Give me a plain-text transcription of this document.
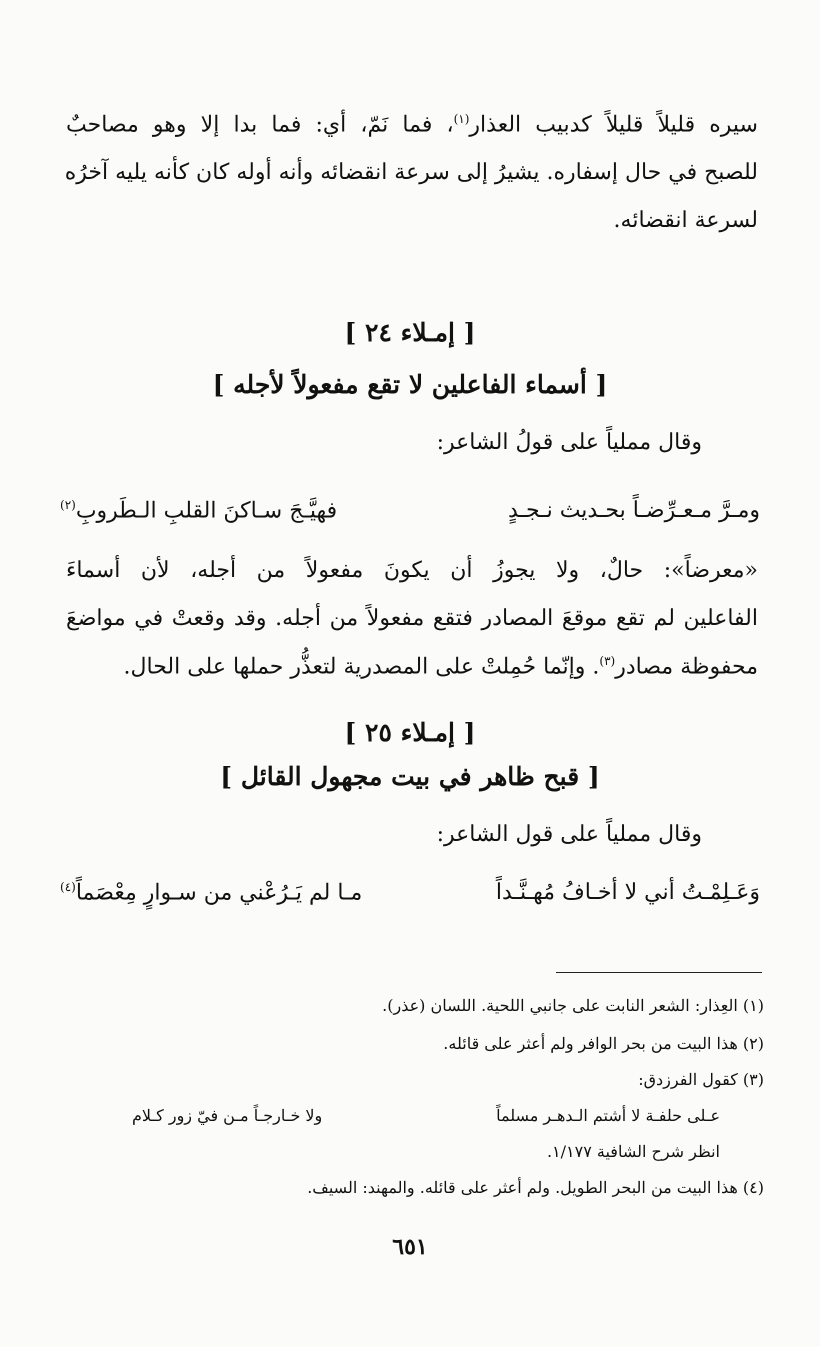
سيره قليلاً قليلاً كدبيب العذار$^{(١)}$، فما نَمّ، أي: فما بدا إلا وهو مصاحبٌ
للصبح في حال إسفاره. يشيرُ إلى سرعة انقضائه وأنه أوله كان كأنه يليه آخرُه
لسرعة انقضائه.
[ إمـلاء ٢٤ ]
[ أسماء الفاعلين لا تقع مفعولاً لأجله ]
وقال مملياً على قولُ الشاعر:
ومـرَّ مـعـرِّضـاً بحـديث نـجـدٍ
فهيَّـجَ سـاكنَ القلبِ الـطَروبِ$^{(٢)}$
«معرضاً»: حالٌ، ولا يجوزُ أن يكونَ مفعولاً من أجله، لأن أسماءَ
الفاعلين لم تقع موقعَ المصادر فتقع مفعولاً من أجله. وقد وقعتْ في مواضعَ
محفوظة مصادر$^{(٣)}$. وإنّما حُمِلتْ على المصدرية لتعذُّر حملها على الحال.
[ إمـلاء ٢٥ ]
[ قبح ظاهر في بيت مجهول القائل ]
وقال مملياً على قول الشاعر:
وَعَـلِمْـتُ أني لا أخـافُ مُهـنَّـداً
مـا لم يَـرُعْني من سـوارٍ مِعْصَماً$^{(٤)}$
(١) العِذار: الشعر النابت على جانبي اللحية. اللسان (عذر).
(٢) هذا البيت من بحر الوافر ولم أعثر على قائله.
(٣) كقول الفرزدق:
عـلى حلفـة لا أشتم الـدهـر مسلماً
ولا خـارجـاً مـن فيّ زور كـلام
انظر شرح الشافية ١/١٧٧.
(٤) هذا البيت من البحر الطويل. ولم أعثر على قائله. والمهند: السيف.
٦٥١
